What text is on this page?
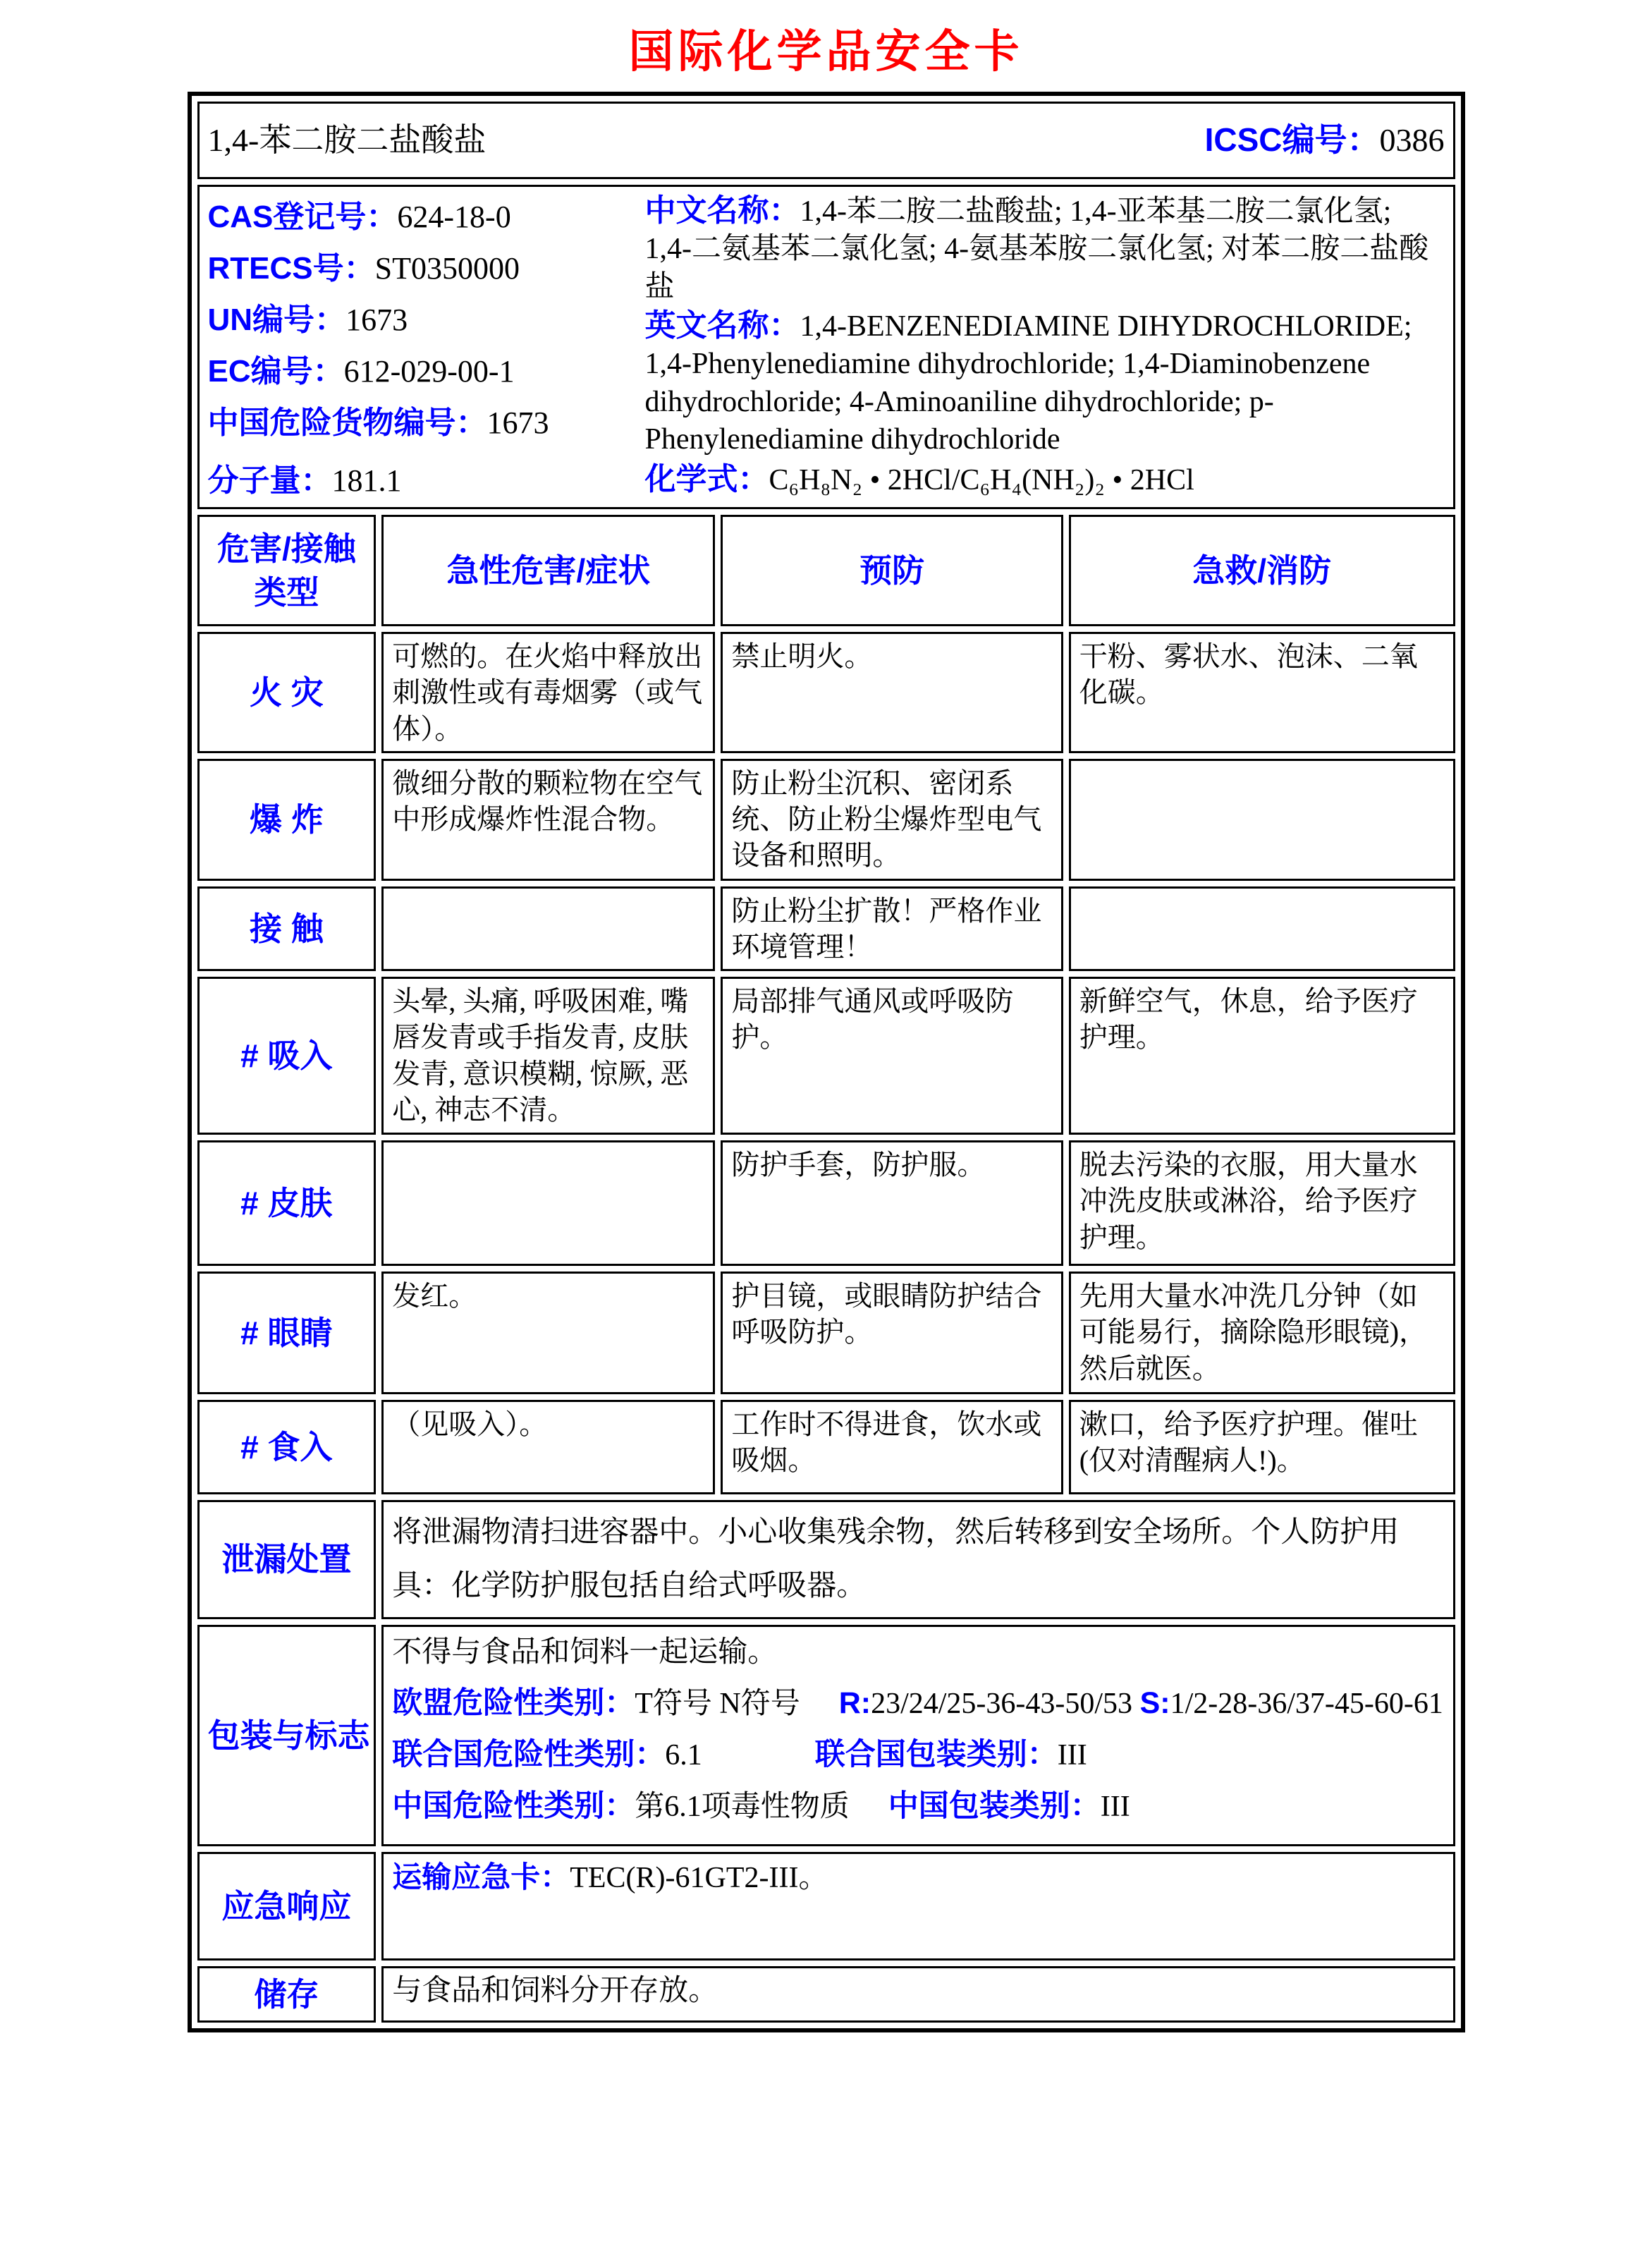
国际化学品安全卡
1,4-苯二胺二盐酸盐 ICSC编号：0386			

CAS登记号：624-18-0
RTECS号：ST0350000
UN编号：1673
EC编号：612-029-00-1
中国危险货物编号：1673
分子量：181.1
中文名称：1,4-苯二胺二盐酸盐; 1,4-亚苯基二胺二氯化氢; 1,4-二氨基苯二氯化氢; 4-氨基苯胺二氯化氢; 对苯二胺二盐酸盐
英文名称：1,4-BENZENEDIAMINE DIHYDROCHLORIDE; 1,4-Phenylenediamine dihydrochloride; 1,4-Diaminobenzene dihydrochloride; 4-Aminoaniline dihydrochloride; p-Phenylenediamine dihydrochloride
化学式：C₆H₈N₂ • 2HCl/C₆H₄(NH₂)₂ • 2HCl

危害/接触类型	急性危害/症状	预防	急救/消防
火 灾	可燃的。在火焰中释放出刺激性或有毒烟雾（或气体）。	禁止明火。	干粉、雾状水、泡沫、二氧化碳。
爆 炸	微细分散的颗粒物在空气中形成爆炸性混合物。	防止粉尘沉积、密闭系统、防止粉尘爆炸型电气设备和照明。	
接 触		防止粉尘扩散！严格作业环境管理！	
# 吸入	头晕, 头痛, 呼吸困难, 嘴唇发青或手指发青, 皮肤发青, 意识模糊, 惊厥, 恶心, 神志不清。	局部排气通风或呼吸防护。	新鲜空气，休息，给予医疗护理。
# 皮肤		防护手套，防护服。	脱去污染的衣服，用大量水冲洗皮肤或淋浴，给予医疗护理。
# 眼睛	发红。	护目镜，或眼睛防护结合呼吸防护。	先用大量水冲洗几分钟（如可能易行，摘除隐形眼镜)，然后就医。
# 食入	（见吸入）。	工作时不得进食，饮水或吸烟。	漱口，给予医疗护理。催吐(仅对清醒病人!)。
泄漏处置	将泄漏物清扫进容器中。小心收集残余物，然后转移到安全场所。个人防护用具：化学防护服包括自给式呼吸器。		
包装与标志	不得与食品和饲料一起运输。
欧盟危险性类别：T符号 N符号 R:23/24/25-36-43-50/53 S:1/2-28-36/37-45-60-61
联合国危险性类别：6.1 联合国包装类别：III
中国危险性类别：第6.1项毒性物质 中国包装类别：III		

应急响应	运输应急卡：TEC(R)-61GT2-III。		
储存	与食品和饲料分开存放。		
